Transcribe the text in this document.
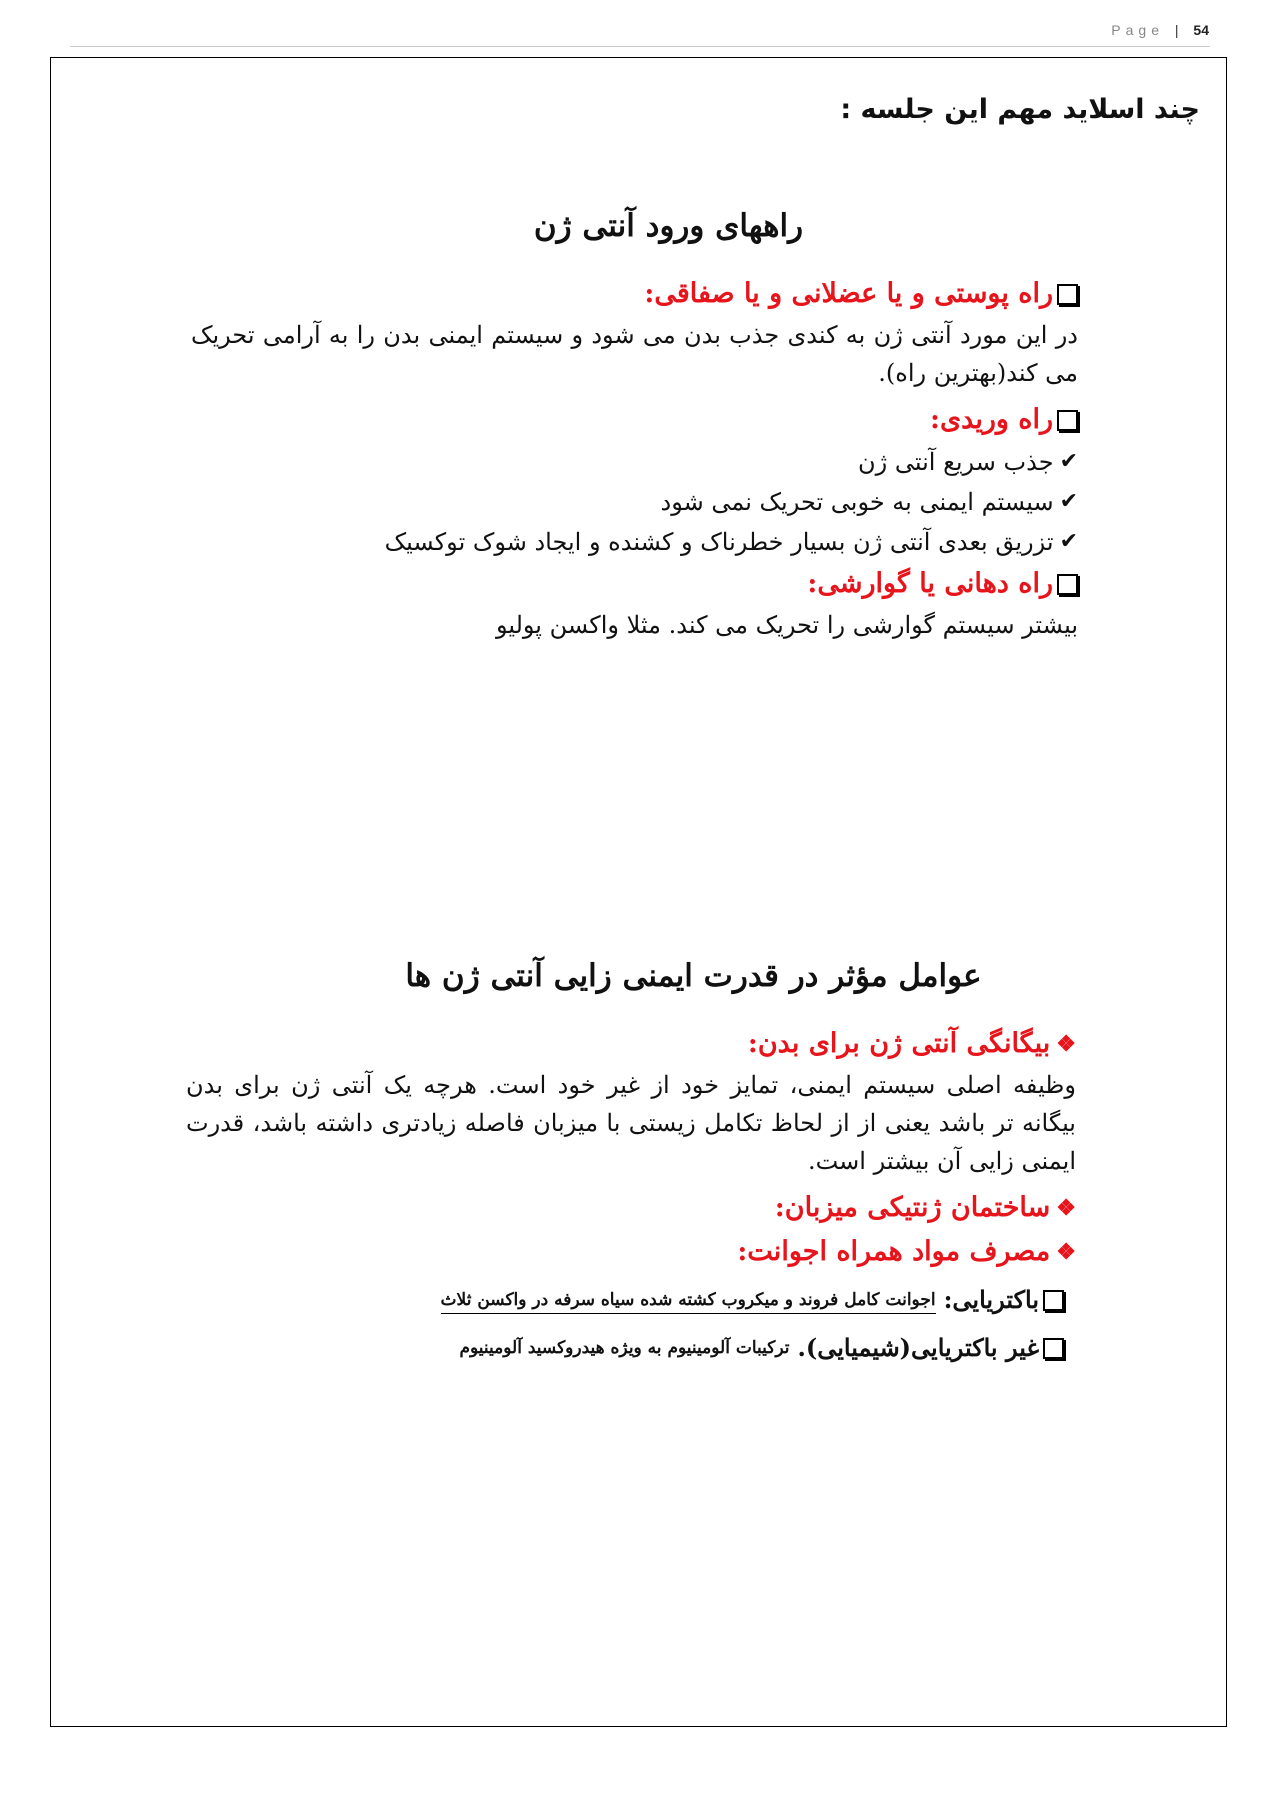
Page | 54
چند اسلاید مهم این جلسه :
راههای ورود آنتی ژن
راه پوستی و یا عضلانی و یا صفاقی:

در این مورد آنتی ژن به کندی جذب بدن می شود و سیستم ایمنی بدن را به آرامی تحریک می کند(بهترین راه).

راه وریدی:
✔
جذب سریع آنتی ژن
✔
سیستم ایمنی به خوبی تحریک نمی شود
✔
تزریق بعدی آنتی ژن بسیار خطرناک و کشنده و ایجاد شوک توکسیک
راه دهانی یا گوارشی:

بیشتر سیستم گوارشی را تحریک می کند. مثلا واکسن پولیو

عوامل مؤثر در قدرت ایمنی زایی آنتی ژن ها
❖
بیگانگی آنتی ژن برای بدن:

وظیفه اصلی سیستم ایمنی، تمایز خود از غیر خود است. هرچه یک آنتی ژن برای بدن بیگانه تر باشد یعنی از از لحاظ تکامل زیستی با میزبان فاصله زیادتری داشته باشد، قدرت ایمنی زایی آن بیشتر است.

❖
ساختمان ژنتیکی میزبان:
❖
مصرف مواد همراه اجوانت:
باکتریایی:
اجوانت کامل فروند و میکروب کشته شده سیاه سرفه در واکسن ثلاث
غیر باکتریایی(شیمیایی).
ترکیبات آلومینیوم به ویژه هیدروکسید آلومینیوم
